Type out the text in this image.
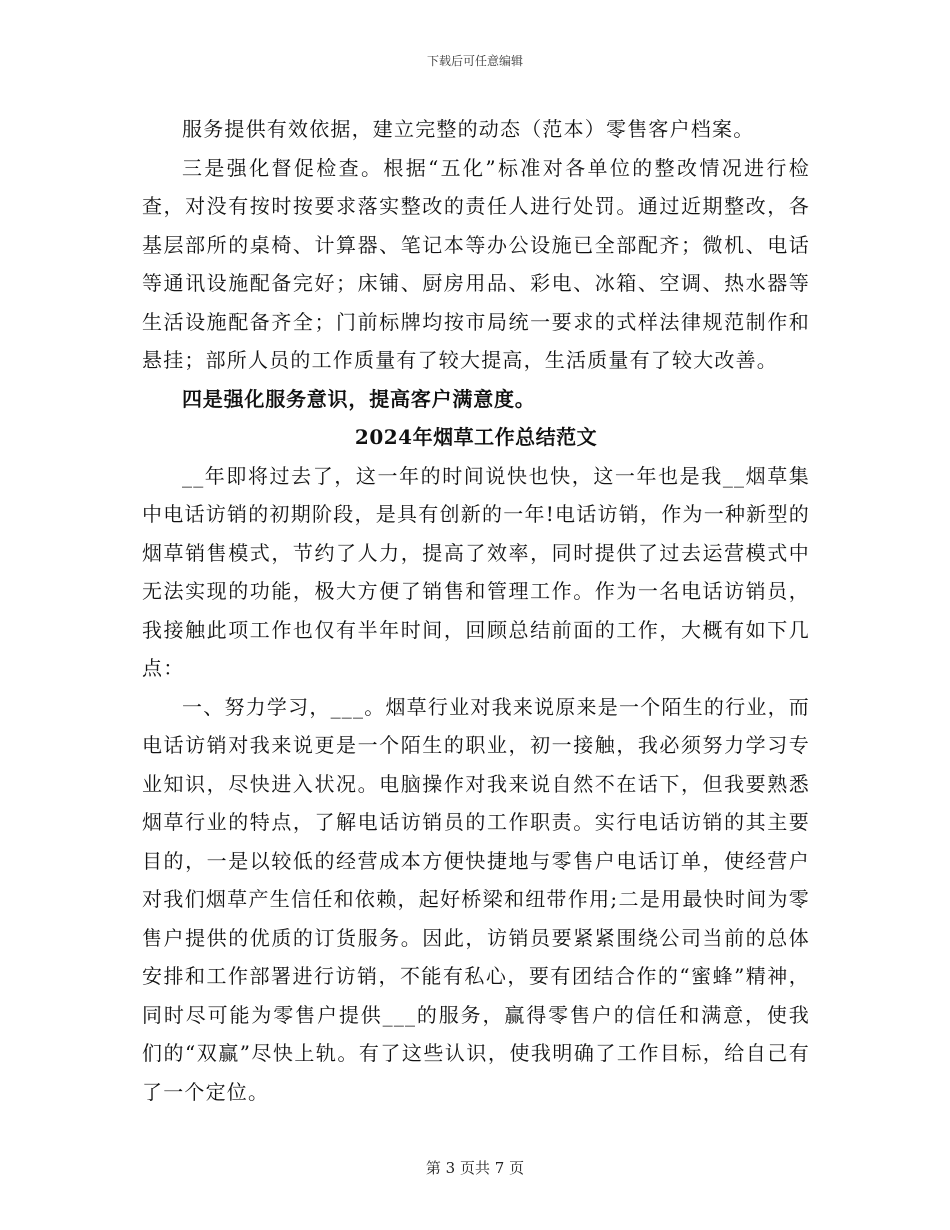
下载后可任意编辑

服务提供有效依据，建立完整的动态（范本）零售客户档案。

三是强化督促检查。根据“五化”标准对各单位的整改情况进行检查，对没有按时按要求落实整改的责任人进行处罚。通过近期整改，各基层部所的桌椅、计算器、笔记本等办公设施已全部配齐；微机、电话等通讯设施配备完好；床铺、厨房用品、彩电、冰箱、空调、热水器等生活设施配备齐全；门前标牌均按市局统一要求的式样法律规范制作和悬挂；部所人员的工作质量有了较大提高，生活质量有了较大改善。

四是强化服务意识，提高客户满意度。

2024年烟草工作总结范文

__年即将过去了，这一年的时间说快也快，这一年也是我__烟草集中电话访销的初期阶段，是具有创新的一年!电话访销，作为一种新型的烟草销售模式，节约了人力，提高了效率，同时提供了过去运营模式中无法实现的功能，极大方便了销售和管理工作。作为一名电话访销员，我接触此项工作也仅有半年时间，回顾总结前面的工作，大概有如下几点：

一、努力学习，___。烟草行业对我来说原来是一个陌生的行业，而电话访销对我来说更是一个陌生的职业，初一接触，我必须努力学习专业知识，尽快进入状况。电脑操作对我来说自然不在话下，但我要熟悉烟草行业的特点，了解电话访销员的工作职责。实行电话访销的其主要目的，一是以较低的经营成本方便快捷地与零售户电话订单，使经营户对我们烟草产生信任和依赖，起好桥梁和纽带作用;二是用最快时间为零售户提供的优质的订货服务。因此，访销员要紧紧围绕公司当前的总体安排和工作部署进行访销，不能有私心，要有团结合作的“蜜蜂”精神，同时尽可能为零售户提供___的服务，赢得零售户的信任和满意，使我们的“双赢”尽快上轨。有了这些认识，使我明确了工作目标，给自己有了一个定位。

第 3 页共 7 页
